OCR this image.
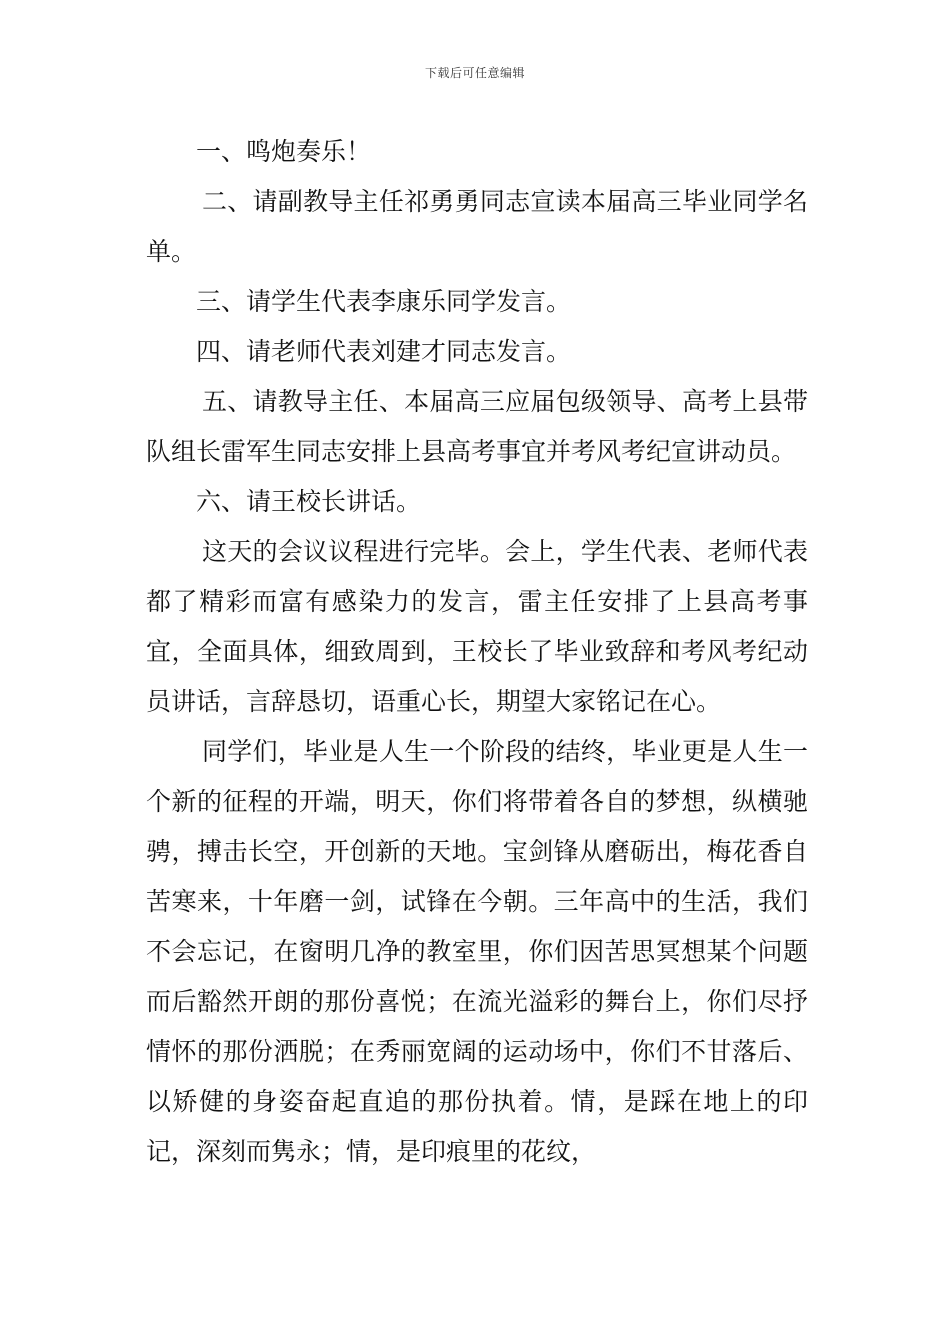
下载后可任意编辑

一、鸣炮奏乐！

二、请副教导主任祁勇勇同志宣读本届高三毕业同学名单。

三、请学生代表李康乐同学发言。

四、请老师代表刘建才同志发言。

五、请教导主任、本届高三应届包级领导、高考上县带队组长雷军生同志安排上县高考事宜并考风考纪宣讲动员。

六、请王校长讲话。

这天的会议议程进行完毕。会上，学生代表、老师代表都了精彩而富有感染力的发言，雷主任安排了上县高考事宜，全面具体，细致周到，王校长了毕业致辞和考风考纪动员讲话，言辞恳切，语重心长，期望大家铭记在心。

同学们，毕业是人生一个阶段的结终，毕业更是人生一个新的征程的开端，明天，你们将带着各自的梦想，纵横驰骋，搏击长空，开创新的天地。宝剑锋从磨砺出，梅花香自苦寒来，十年磨一剑，试锋在今朝。三年高中的生活，我们不会忘记，在窗明几净的教室里，你们因苦思冥想某个问题而后豁然开朗的那份喜悦；在流光溢彩的舞台上，你们尽抒情怀的那份洒脱；在秀丽宽阔的运动场中，你们不甘落后、以矫健的身姿奋起直追的那份执着。情，是踩在地上的印记，深刻而隽永；情，是印痕里的花纹，
